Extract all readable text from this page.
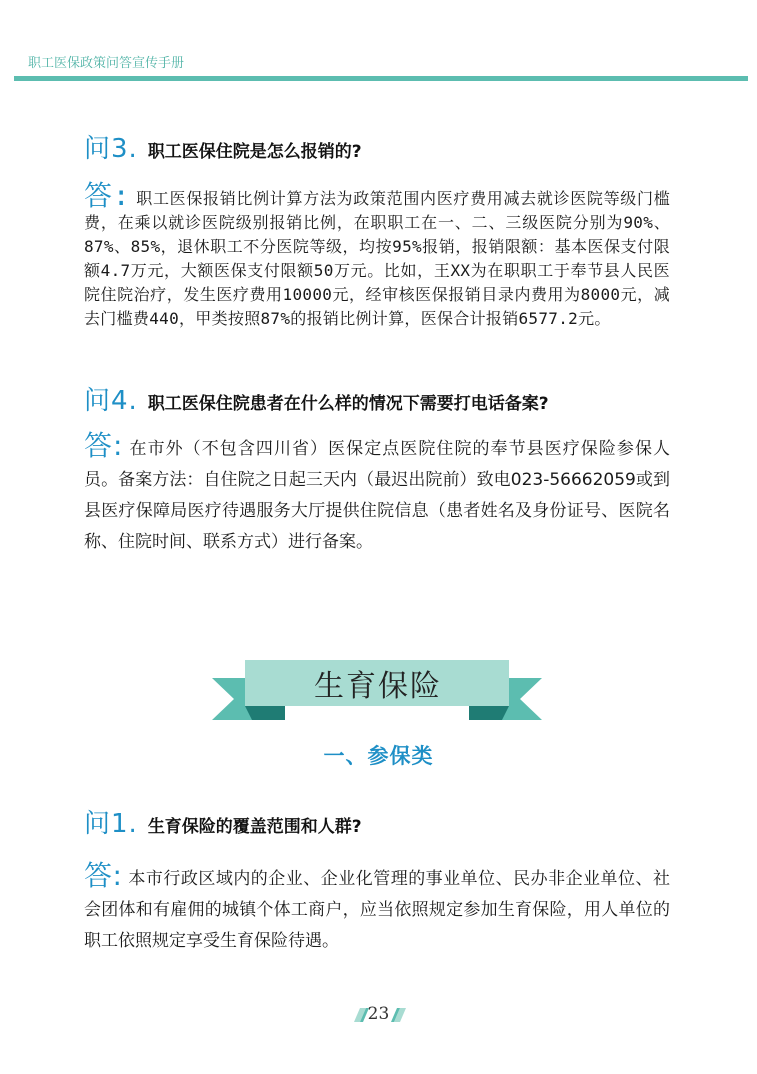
职工医保政策问答宣传手册
问3. 职工医保住院是怎么报销的?
答: 职工医保报销比例计算方法为政策范围内医疗费用减去就诊医院等级门槛费，在乘以就诊医院级别报销比例，在职职工在一、二、三级医院分别为90%、87%、85%，退休职工不分医院等级，均按95%报销，报销限额：基本医保支付限额4.7万元，大额医保支付限额50万元。比如，王XX为在职职工于奉节县人民医院住院治疗，发生医疗费用10000元，经审核医保报销目录内费用为8000元，减去门槛费440，甲类按照87%的报销比例计算，医保合计报销6577.2元。
问4. 职工医保住院患者在什么样的情况下需要打电话备案?
答: 在市外（不包含四川省）医保定点医院住院的奉节县医疗保险参保人员。备案方法：自住院之日起三天内（最迟出院前）致电023-56662059或到县医疗保障局医疗待遇服务大厅提供住院信息（患者姓名及身份证号、医院名称、住院时间、联系方式）进行备案。
生育保险
一、参保类
问1. 生育保险的覆盖范围和人群?
答: 本市行政区域内的企业、企业化管理的事业单位、民办非企业单位、社会团体和有雇佣的城镇个体工商户，应当依照规定参加生育保险，用人单位的职工依照规定享受生育保险待遇。
23
